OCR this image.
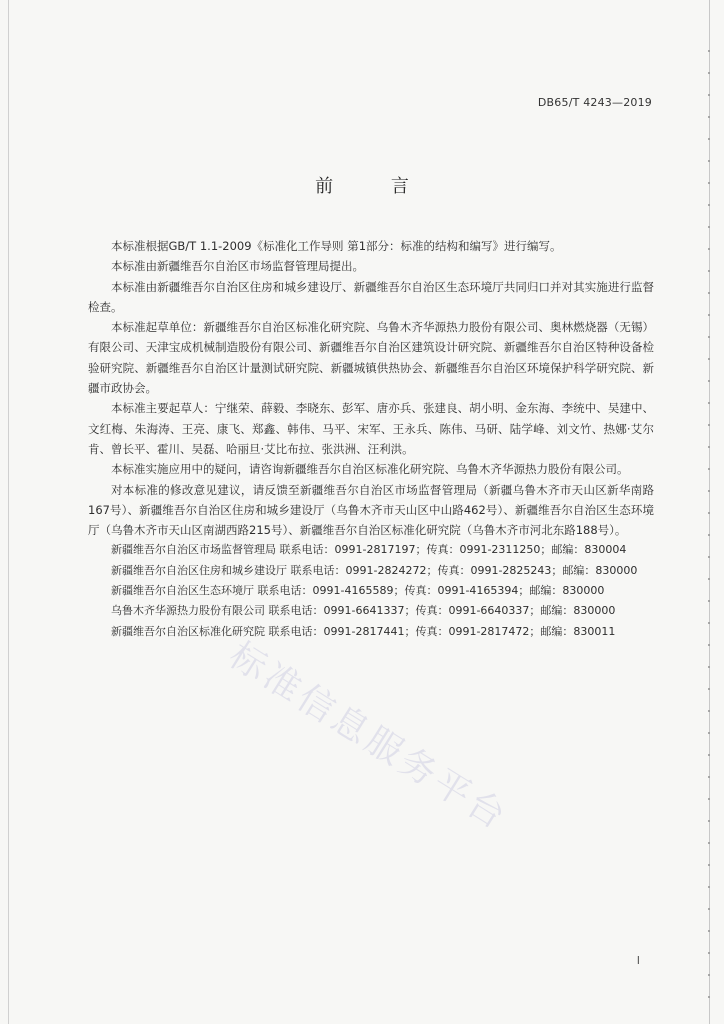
DB65/T 4243—2019
前 言

本标准根据GB/T 1.1-2009《标准化工作导则 第1部分：标准的结构和编写》进行编写。

本标准由新疆维吾尔自治区市场监督管理局提出。

本标准由新疆维吾尔自治区住房和城乡建设厅、新疆维吾尔自治区生态环境厅共同归口并对其实施进行监督检查。

本标准起草单位：新疆维吾尔自治区标准化研究院、乌鲁木齐华源热力股份有限公司、奥林燃烧器（无锡）有限公司、天津宝成机械制造股份有限公司、新疆维吾尔自治区建筑设计研究院、新疆维吾尔自治区特种设备检验研究院、新疆维吾尔自治区计量测试研究院、新疆城镇供热协会、新疆维吾尔自治区环境保护科学研究院、新疆市政协会。

本标准主要起草人：宁继荣、薛毅、李晓东、彭军、唐亦兵、张建良、胡小明、金东海、李统中、吴建中、文红梅、朱海涛、王亮、康飞、郑鑫、韩伟、马平、宋军、王永兵、陈伟、马研、陆学峰、刘文竹、热娜·艾尔肯、曾长平、霍川、吴磊、哈丽旦·艾比布拉、张洪洲、汪利洪。

本标准实施应用中的疑问，请咨询新疆维吾尔自治区标准化研究院、乌鲁木齐华源热力股份有限公司。

对本标准的修改意见建议，请反馈至新疆维吾尔自治区市场监督管理局（新疆乌鲁木齐市天山区新华南路167号）、新疆维吾尔自治区住房和城乡建设厅（乌鲁木齐市天山区中山路462号）、新疆维吾尔自治区生态环境厅（乌鲁木齐市天山区南湖西路215号）、新疆维吾尔自治区标准化研究院（乌鲁木齐市河北东路188号）。

新疆维吾尔自治区市场监督管理局 联系电话：0991-2817197；传真：0991-2311250；邮编：830004

新疆维吾尔自治区住房和城乡建设厅 联系电话：0991-2824272；传真：0991-2825243；邮编：830000

新疆维吾尔自治区生态环境厅 联系电话：0991-4165589；传真：0991-4165394；邮编：830000

乌鲁木齐华源热力股份有限公司 联系电话：0991-6641337；传真：0991-6640337；邮编：830000

新疆维吾尔自治区标准化研究院 联系电话：0991-2817441；传真：0991-2817472；邮编：830011

标准信息服务平台
I
